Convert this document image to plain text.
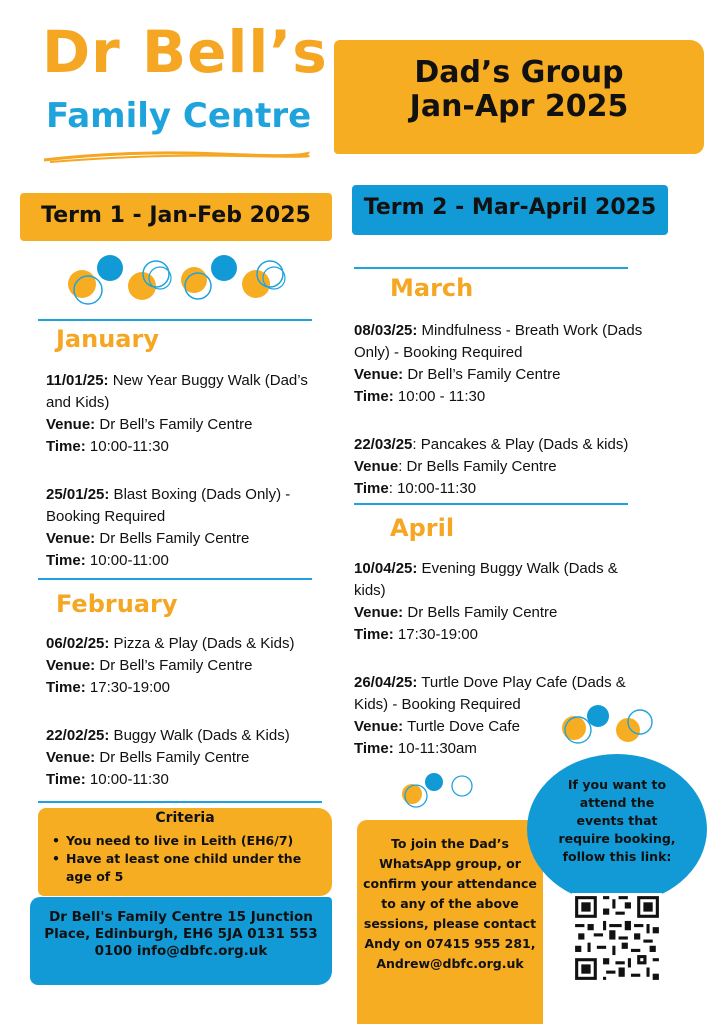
Dr Bell’s
Family Centre
Dad’s Group
Jan-Apr 2025
Term 1 - Jan-Feb 2025	Term 2 - Mar-April 2025
January
11/01/25: New Year Buggy Walk (Dad’s and Kids)
Venue: Dr Bell’s Family Centre
Time: 10:00-11:30
25/01/25: Blast Boxing (Dads Only) - Booking Required
Venue: Dr Bells Family Centre
Time: 10:00-11:00
February
06/02/25: Pizza & Play (Dads & Kids)
Venue: Dr Bell’s Family Centre
Time: 17:30-19:00
22/02/25: Buggy Walk (Dads & Kids)
Venue: Dr Bells Family Centre
Time: 10:00-11:30
Criteria
• You need to live in Leith (EH6/7)
• Have at least one child under the age of 5
Dr Bell's Family Centre 15 Junction Place, Edinburgh, EH6 5JA 0131 553 0100 info@dbfc.org.uk
March
08/03/25: Mindfulness - Breath Work (Dads Only) - Booking Required
Venue: Dr Bell’s Family Centre
Time: 10:00 - 11:30
22/03/25: Pancakes & Play (Dads & kids)
Venue: Dr Bells Family Centre
Time: 10:00-11:30
April
10/04/25: Evening Buggy Walk (Dads & kids)
Venue: Dr Bells Family Centre
Time: 17:30-19:00
26/04/25: Turtle Dove Play Cafe (Dads & Kids) - Booking Required
Venue: Turtle Dove Cafe
Time: 10-11:30am
To join the Dad’s WhatsApp group, or confirm your attendance to any of the above sessions, please contact Andy on 07415 955 281, Andrew@dbfc.org.uk
If you want to attend the events that require booking, follow this link:
